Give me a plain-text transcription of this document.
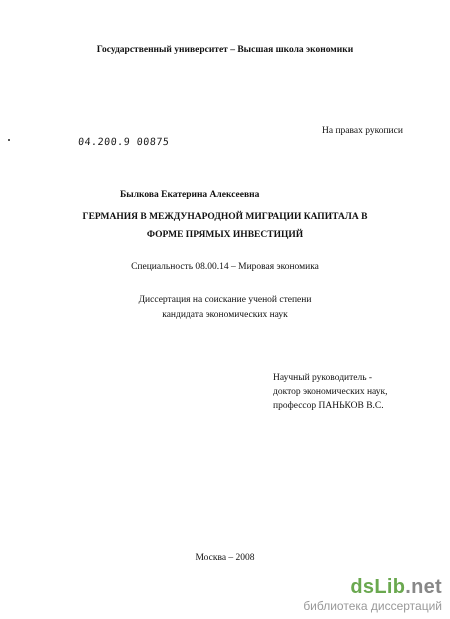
Государственный университет – Высшая школа экономики
На правах рукописи
04.200.9 00875
Былкова Екатерина Алексеевна
ГЕРМАНИЯ В МЕЖДУНАРОДНОЙ МИГРАЦИИ КАПИТАЛА В
ФОРМЕ ПРЯМЫХ ИНВЕСТИЦИЙ
Специальность 08.00.14 – Мировая экономика
Диссертация на соискание ученой степени
кандидата экономических наук
Научный руководитель -
доктор экономических наук,
профессор ПАНЬКОВ В.С.
Москва – 2008
dsLib.net
библиотека диссертаций
